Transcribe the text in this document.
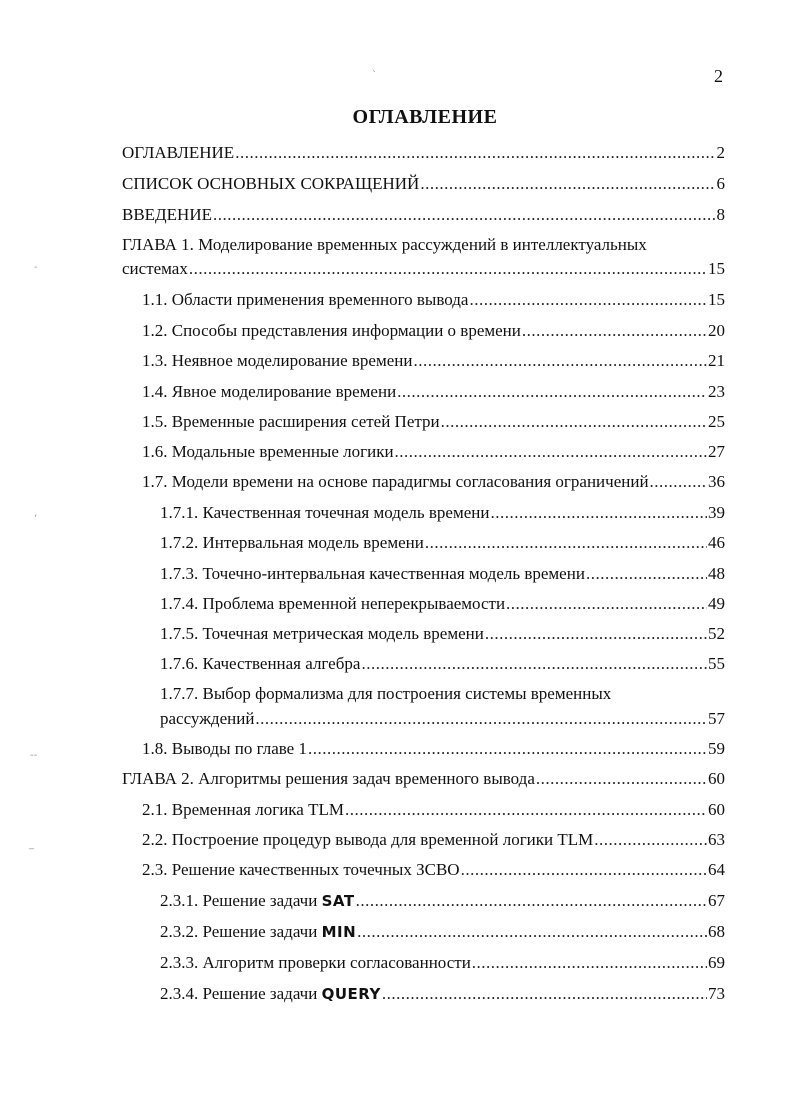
2
`
-
‚
--
ОГЛАВЛЕНИЕ
ОГЛАВЛЕНИЕ .....	2
СПИСОК ОСНОВНЫХ СОКРАЩЕНИЙ .....	6
ВВЕДЕНИЕ .....	8
ГЛАВА 1. Моделирование временных рассуждений в интеллектуальных
системах .....	15
1.1. Области применения временного вывода .....	15
1.2. Способы представления информации о времени .....	20
1.3. Неявное моделирование времени .....	21
1.4. Явное моделирование времени .....	23
1.5. Временные расширения сетей Петри .....	25
1.6. Модальные временные логики .....	27
1.7. Модели времени на основе парадигмы согласования ограничений .....	36
1.7.1. Качественная точечная модель времени .....	39
1.7.2. Интервальная модель времени .....	46
1.7.3. Точечно-интервальная качественная модель времени .....	48
1.7.4. Проблема временной неперекрываемости .....	49
1.7.5. Точечная метрическая модель времени .....	52
1.7.6. Качественная алгебра .....	55
1.7.7. Выбор формализма для построения системы временных
рассуждений .....	57
1.8. Выводы по главе 1 .....	59
ГЛАВА 2. Алгоритмы решения задач временного вывода .....	60
2.1. Временная логика TLM .....	60
2.2. Построение процедур вывода для временной логики TLM .....	63
2.3. Решение качественных точечных ЗСВО .....	64
2.3.1. Решение задачи SAT .....	67
2.3.2. Решение задачи MIN .....	68
2.3.3. Алгоритм проверки согласованности .....	69
2.3.4. Решение задачи QUERY .....	73
